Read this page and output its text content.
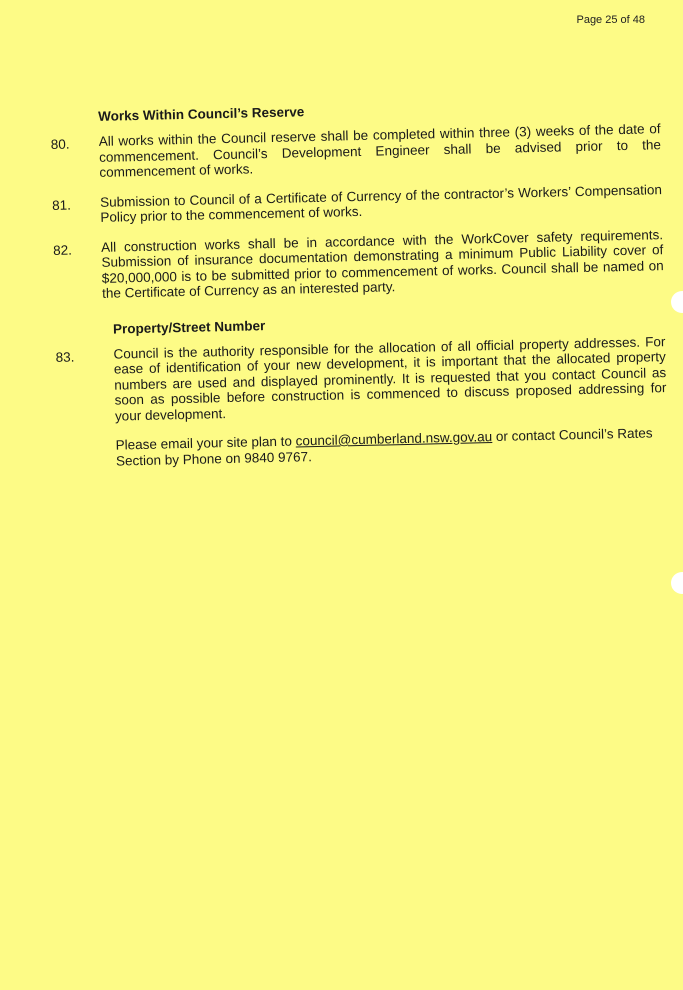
Page 25 of 48
Works Within Council’s Reserve
80.	All works within the Council reserve shall be completed within three (3) weeks of the date of commencement. Council’s Development Engineer shall be advised prior to the commencement of works.
81.	Submission to Council of a Certificate of Currency of the contractor’s Workers’ Compensation Policy prior to the commencement of works.
82.	All construction works shall be in accordance with the WorkCover safety requirements. Submission of insurance documentation demonstrating a minimum Public Liability cover of $20,000,000 is to be submitted prior to commencement of works. Council shall be named on the Certificate of Currency as an interested party.
Property/Street Number
83.	Council is the authority responsible for the allocation of all official property addresses. For ease of identification of your new development, it is important that the allocated property numbers are used and displayed prominently. It is requested that you contact Council as soon as possible before construction is commenced to discuss proposed addressing for your development.
Please email your site plan to council@cumberland.nsw.gov.au or contact Council’s Rates Section by Phone on 9840 9767.
